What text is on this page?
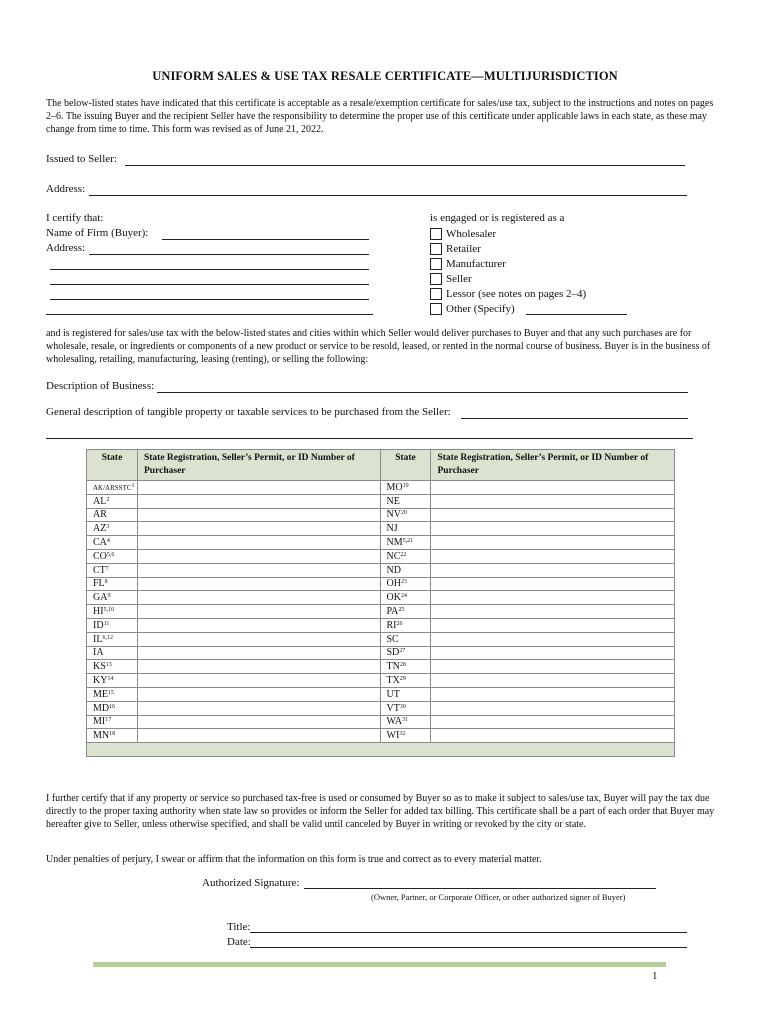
UNIFORM SALES & USE TAX RESALE CERTIFICATE—MULTIJURISDICTION
The below-listed states have indicated that this certificate is acceptable as a resale/exemption certificate for sales/use tax, subject to the instructions and notes on pages 2–6. The issuing Buyer and the recipient Seller have the responsibility to determine the proper use of this certificate under applicable laws in each state, as these may change from time to time. This form was revised as of June 21, 2022.
Issued to Seller:
Address:
I certify that:
Name of Firm (Buyer):
Address:
is engaged or is registered as a
Wholesaler
Retailer
Manufacturer
Seller
Lessor (see notes on pages 2–4)
Other (Specify)
and is registered for sales/use tax with the below-listed states and cities within which Seller would deliver purchases to Buyer and that any such purchases are for wholesale, resale, or ingredients or components of a new product or service to be resold, leased, or rented in the normal course of business. Buyer is in the business of wholesaling, retailing, manufacturing, leasing (renting), or selling the following:
Description of Business:
General description of tangible property or taxable services to be purchased from the Seller:
State	State Registration, Seller’s Permit, or ID Number of Purchaser	State	State Registration, Seller’s Permit, or ID Number of Purchaser
AK/ARSSTC$^1$		MO$^{19}$	
$AL^2$		NE	
AR		NV$^{20}$	
$AZ^3$		NJ	
$CA^4$		NM$^{5,21}$	
CO$^{5,6}$		NC$^{22}$	
$CT^7$		ND	
$FL^8$		OH$^{23}$	
$GA^9$		OK$^{24}$	
HI$^{5,10}$		PA$^{25}$	
ID$^{11}$		RI$^{26}$	
IL$^{6,12}$		SC	
IA		SD$^{27}$	
KS$^{13}$		TN$^{28}$	
KY$^{14}$		TX$^{29}$	
ME$^{15}$		UT	
MD$^{16}$		VT$^{30}$	
MI$^{17}$		WA$^{31}$	
MN$^{18}$		WI$^{32}$	

I further certify that if any property or service so purchased tax-free is used or consumed by Buyer so as to make it subject to sales/use tax, Buyer will pay the tax due directly to the proper taxing authority when state law so provides or inform the Seller for added tax billing. This certificate shall be a part of each order that Buyer may hereafter give to Seller, unless otherwise specified, and shall be valid until canceled by Buyer in writing or revoked by the city or state.
Under penalties of perjury, I swear or affirm that the information on this form is true and correct as to every material matter.
Authorized Signature:
(Owner, Partner, or Corporate Officer, or other authorized signer of Buyer)
Title:
Date:
1
